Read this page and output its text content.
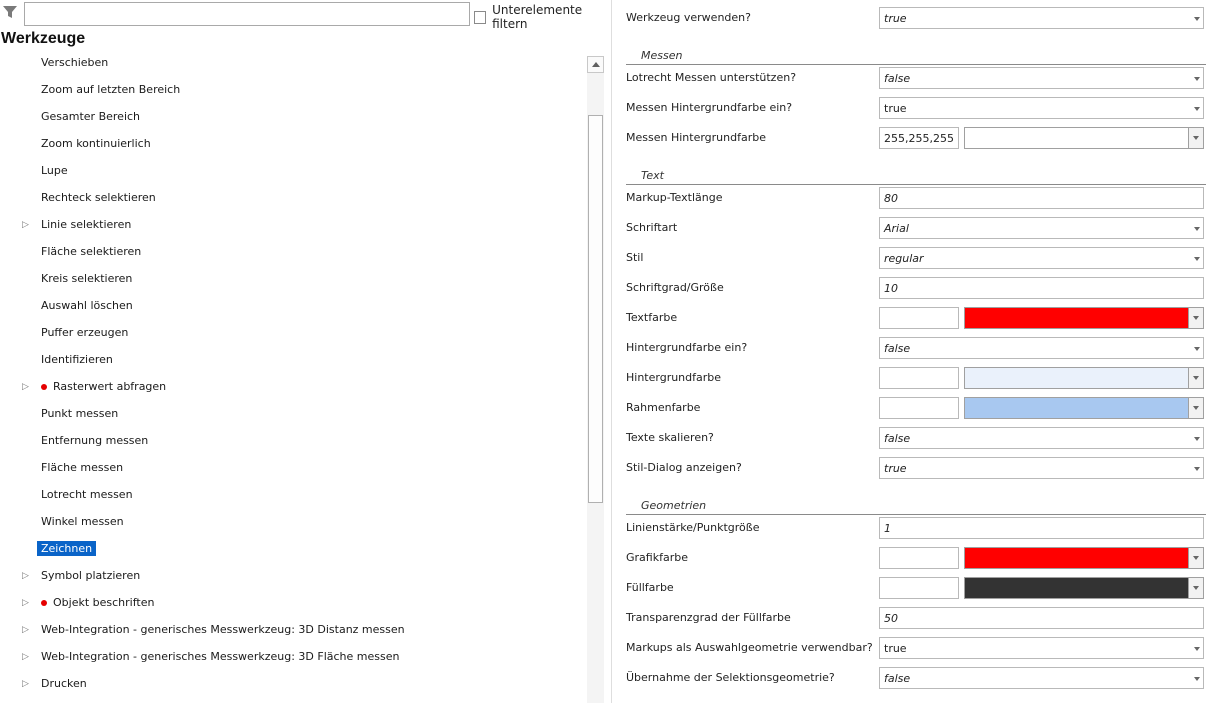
Unterelemente filtern
Werkzeuge
Verschieben
Zoom auf letzten Bereich
Gesamter Bereich
Zoom kontinuierlich
Lupe
Rechteck selektieren
▷ Linie selektieren
Fläche selektieren
Kreis selektieren
Auswahl löschen
Puffer erzeugen
Identifizieren
▷ Rasterwert abfragen
Punkt messen
Entfernung messen
Fläche messen
Lotrecht messen
Winkel messen
Zeichnen
▷ Symbol platzieren
▷ Objekt beschriften
▷ Web-Integration - generisches Messwerkzeug: 3D Distanz messen
▷ Web-Integration - generisches Messwerkzeug: 3D Fläche messen
▷ Drucken
Werkzeug verwenden?	true
Messen
Lotrecht Messen unterstützen?	false
Messen Hintergrundfarbe ein?	true
Messen Hintergrundfarbe	255,255,255
Text
Markup-Textlänge	80
Schriftart	Arial
Stil	regular
Schriftgrad/Größe	10
Textfarbe
Hintergrundfarbe ein?	false
Hintergrundfarbe
Rahmenfarbe
Texte skalieren?	false
Stil-Dialog anzeigen?	true
Geometrien
Linienstärke/Punktgröße	1
Grafikfarbe
Füllfarbe
Transparenzgrad der Füllfarbe	50
Markups als Auswahlgeometrie verwendbar? true
Übernahme der Selektionsgeometrie?	false
